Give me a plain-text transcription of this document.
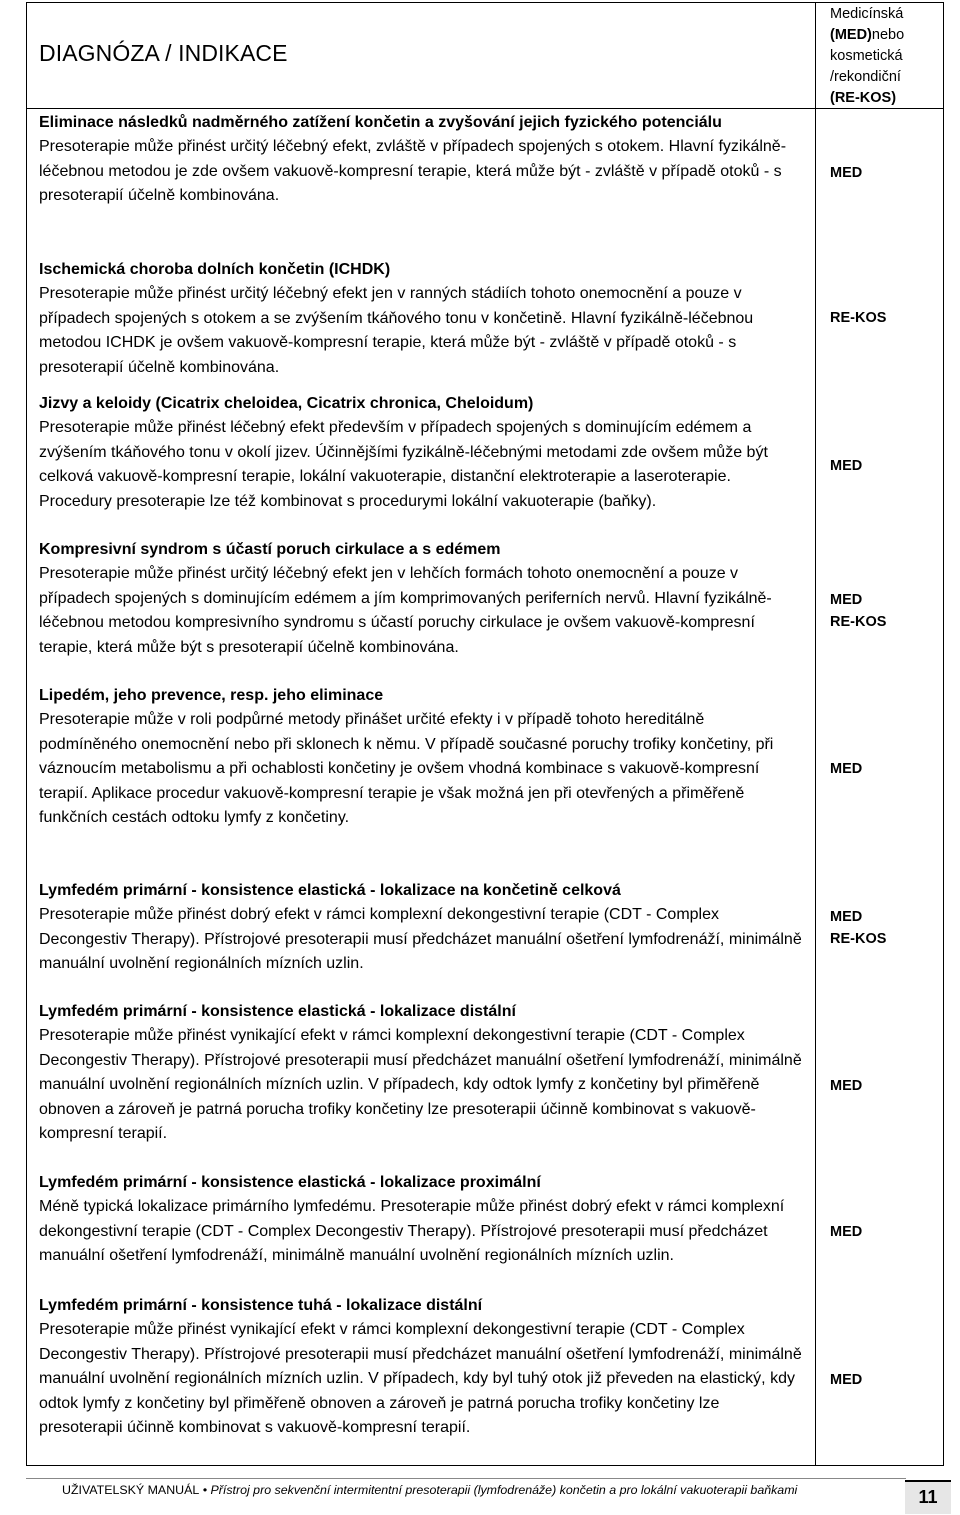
DIAGNÓZA / INDIKACE
Medicínská
(MED)nebo
kosmetická
/rekondiční
(RE-KOS)
Eliminace následků nadměrného zatížení končetin a zvyšování jejich fyzického potenciálu
Presoterapie může přinést určitý léčebný efekt, zvláště v případech spojených s otokem. Hlavní fyzikálně-léčebnou metodou je zde ovšem vakuově-kompresní terapie, která může být - zvláště v případě otoků - s presoterapií účelně kombinována.
MED
Ischemická choroba dolních končetin (ICHDK)
Presoterapie může přinést určitý léčebný efekt jen v ranných stádiích tohoto onemocnění a pouze v případech spojených s otokem a se zvýšením tkáňového tonu v končetině. Hlavní fyzikálně-léčebnou metodou ICHDK je ovšem vakuově-kompresní terapie, která může být - zvláště v případě otoků - s presoterapií účelně kombinována.
RE-KOS
Jizvy a keloidy (Cicatrix cheloidea, Cicatrix chronica, Cheloidum)
Presoterapie může přinést léčebný efekt především v případech spojených s dominujícím edémem a zvýšením tkáňového tonu v okolí jizev. Účinnějšími fyzikálně-léčebnými metodami zde ovšem může být celková vakuově-kompresní terapie, lokální vakuoterapie, distanční elektroterapie a laseroterapie. Procedury presoterapie lze též kombinovat s procedurymi lokální vakuoterapie (baňky).
MED
Kompresivní syndrom s účastí poruch cirkulace a s edémem
Presoterapie může přinést určitý léčebný efekt jen v lehčích formách tohoto onemocnění a pouze v případech spojených s dominujícím edémem a jím komprimovaných periferních nervů. Hlavní fyzikálně-léčebnou metodou kompresivního syndromu s účastí poruchy cirkulace je ovšem vakuově-kompresní terapie, která může být s presoterapií účelně kombinována.
MED
RE-KOS
Lipedém, jeho prevence, resp. jeho eliminace
Presoterapie může v roli podpůrné metody přinášet určité efekty i v případě tohoto hereditálně podmíněného onemocnění nebo při sklonech k němu. V případě současné poruchy trofiky končetiny, při váznoucím metabolismu a při ochablosti končetiny je ovšem vhodná kombinace s vakuově-kompresní terapií. Aplikace procedur vakuově-kompresní terapie je však možná jen při otevřených a přiměřeně funkčních cestách odtoku lymfy z končetiny.
MED
Lymfedém primární - konsistence elastická - lokalizace na končetině celková
Presoterapie může přinést dobrý efekt v rámci komplexní dekongestivní terapie (CDT - Complex Decongestiv Therapy). Přístrojové presoterapii musí předcházet manuální ošetření lymfodrenáží, minimálně manuální uvolnění regionálních mízních uzlin.
MED
RE-KOS
Lymfedém primární - konsistence elastická - lokalizace distální
Presoterapie může přinést vynikající efekt v rámci komplexní dekongestivní terapie (CDT - Complex Decongestiv Therapy). Přístrojové presoterapii musí předcházet manuální ošetření lymfodrenáží, minimálně manuální uvolnění regionálních mízních uzlin. V případech, kdy odtok lymfy z končetiny byl přiměřeně obnoven a zároveň je patrná porucha trofiky končetiny lze presoterapii účinně kombinovat s vakuově-kompresní terapií.
MED
Lymfedém primární - konsistence elastická - lokalizace proximální
Méně typická lokalizace primárního lymfedému. Presoterapie může přinést dobrý efekt v rámci komplexní dekongestivní terapie (CDT - Complex Decongestiv Therapy). Přístrojové presoterapii musí předcházet manuální ošetření lymfodrenáží, minimálně manuální uvolnění regionálních mízních uzlin.
MED
Lymfedém primární - konsistence tuhá - lokalizace distální
Presoterapie může přinést vynikající efekt v rámci komplexní dekongestivní terapie (CDT - Complex Decongestiv Therapy). Přístrojové presoterapii musí předcházet manuální ošetření lymfodrenáží, minimálně manuální uvolnění regionálních mízních uzlin. V případech, kdy byl tuhý otok již převeden na elastický, kdy odtok lymfy z končetiny byl přiměřeně obnoven a zároveň je patrná porucha trofiky končetiny lze presoterapii účinně kombinovat s vakuově-kompresní terapií.
MED
UŽIVATELSKÝ MANUÁL • Přístroj pro sekvenční intermitentní presoterapii (lymfodrenáže) končetin a pro lokální vakuoterapii baňkami	11
